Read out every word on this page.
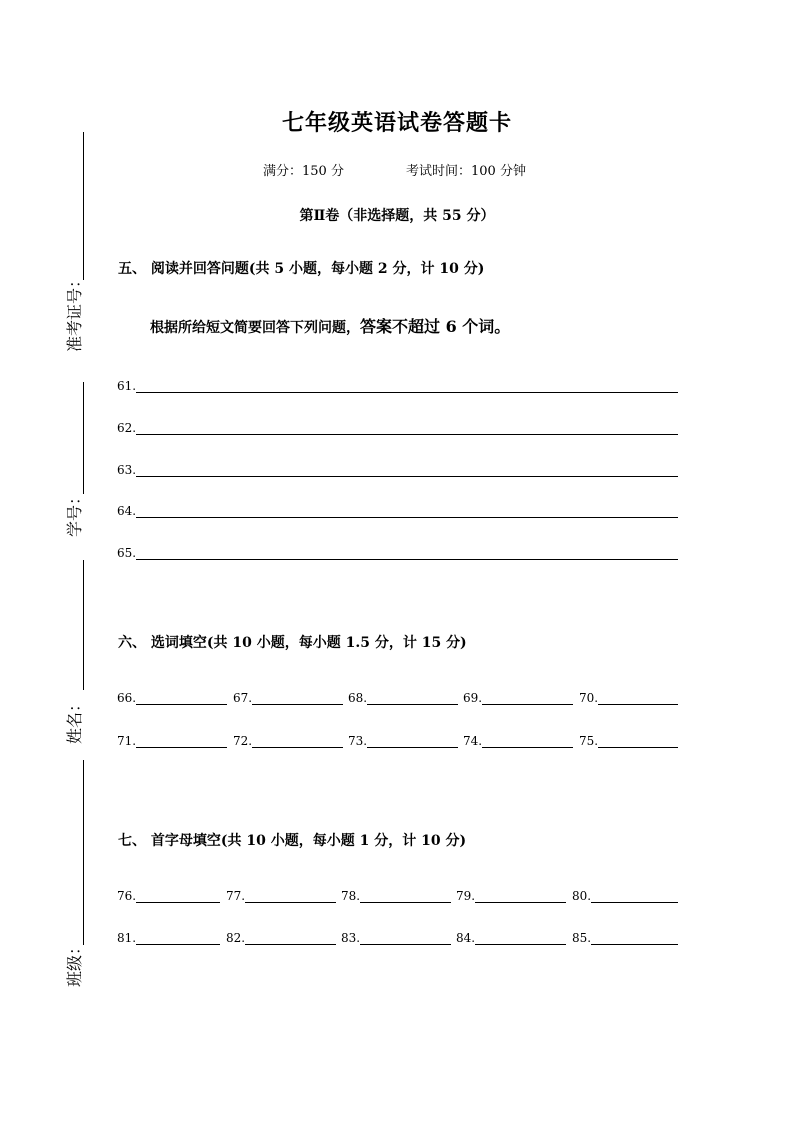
准考证号：
学号：
姓名：
班级：
七年级英语试卷答题卡
满分：150 分	考试时间：100 分钟
第Ⅱ卷（非选择题，共 55 分）
五、 阅读并回答问题(共 5 小题，每小题 2 分，计 10 分)
根据所给短文简要回答下列问题，答案不超过 6 个词。
61.
62.
63.
64.
65.
六、 选词填空(共 10 小题，每小题 1.5 分，计 15 分)
66.	67.	68.	69.	70.
71.	72.	73.	74.	75.
七、 首字母填空(共 10 小题，每小题 1 分，计 10 分)
76.	77.	78.	79.	80.
81.	82.	83.	84.	85.
